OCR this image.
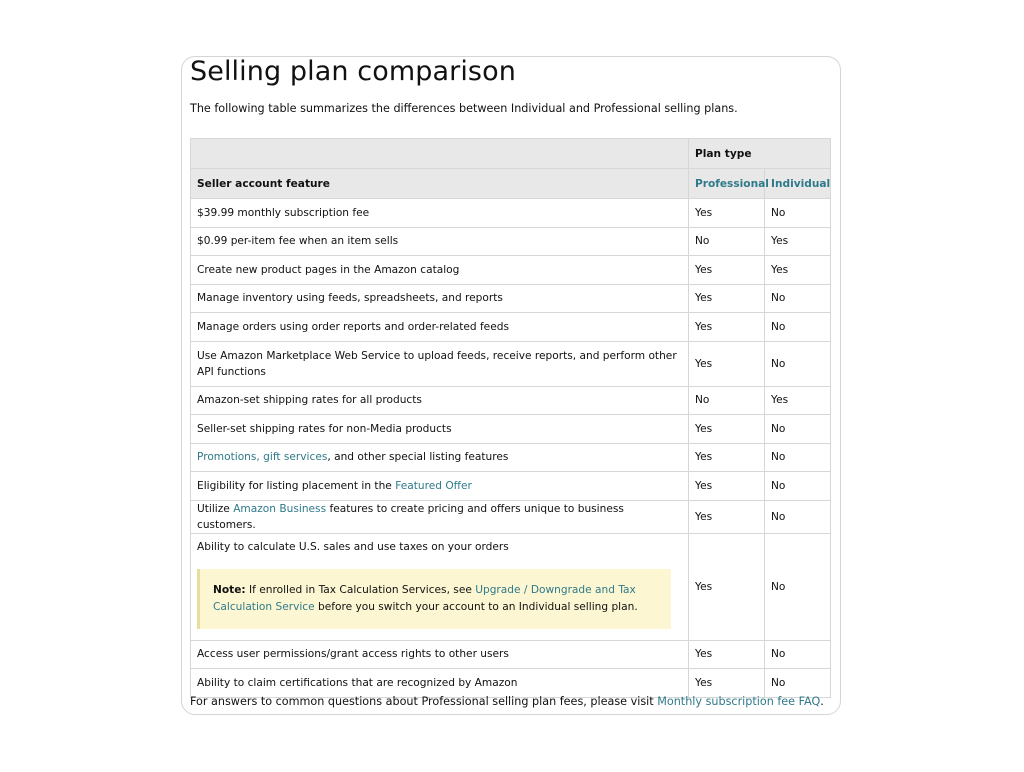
Selling plan comparison

The following table summarizes the differences between Individual and Professional selling plans.

	Plan type	
Seller account feature	Professional	Individual
$39.99 monthly subscription fee	Yes	No
$0.99 per-item fee when an item sells	No	Yes
Create new product pages in the Amazon catalog	Yes	Yes
Manage inventory using feeds, spreadsheets, and reports	Yes	No
Manage orders using order reports and order-related feeds	Yes	No
Use Amazon Marketplace Web Service to upload feeds, receive reports, and perform other API functions	Yes	No
Amazon-set shipping rates for all products	No	Yes
Seller-set shipping rates for non-Media products	Yes	No
Promotions, gift services, and other special listing features	Yes	No
Eligibility for listing placement in the Featured Offer	Yes	No
Utilize Amazon Business features to create pricing and offers unique to business customers.	Yes	No

Ability to calculate U.S. sales and use taxes on your orders
Note: If enrolled in Tax Calculation Services, see Upgrade / Downgrade and Tax Calculation Service before you switch your account to an Individual selling plan.	Yes	No
Access user permissions/grant access rights to other users	Yes	No
Ability to claim certifications that are recognized by Amazon	Yes	No

For answers to common questions about Professional selling plan fees, please visit Monthly subscription fee FAQ.
